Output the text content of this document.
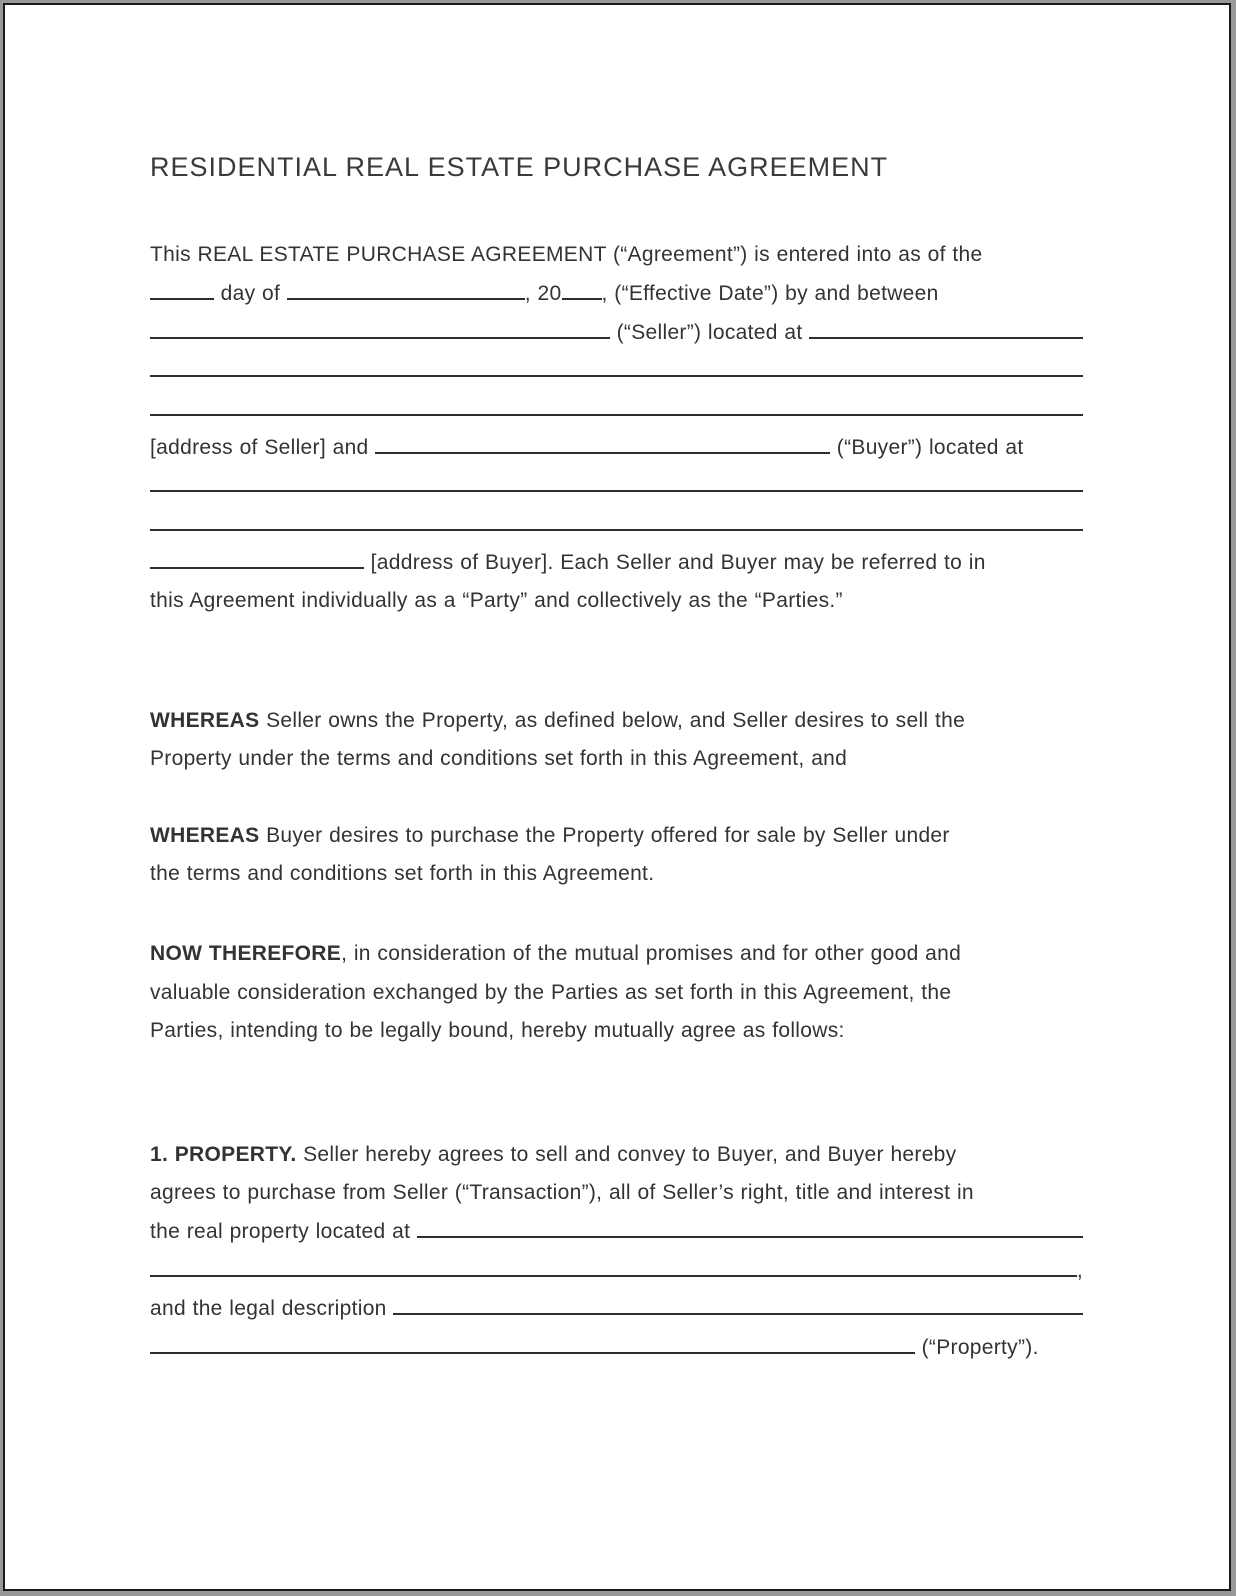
RESIDENTIAL REAL ESTATE PURCHASE AGREEMENT
This REAL ESTATE PURCHASE AGREEMENT (“Agreement”) is entered into as of the
day of	, 20 , (“Effective Date”) by and between
(“Seller”) located at
[address of Seller] and	(“Buyer”) located at
[address of Buyer]. Each Seller and Buyer may be referred to in
this Agreement individually as a “Party” and collectively as the “Parties.”
WHEREAS Seller owns the Property, as defined below, and Seller desires to sell the
Property under the terms and conditions set forth in this Agreement, and
WHEREAS Buyer desires to purchase the Property offered for sale by Seller under
the terms and conditions set forth in this Agreement.
NOW THEREFORE , in consideration of the mutual promises and for other good and
valuable consideration exchanged by the Parties as set forth in this Agreement, the
Parties, intending to be legally bound, hereby mutually agree as follows:
1. PROPERTY. Seller hereby agrees to sell and convey to Buyer, and Buyer hereby
agrees to purchase from Seller (“Transaction”), all of Seller’s right, title and interest in
the real property located at
,
and the legal description
(“Property”).
